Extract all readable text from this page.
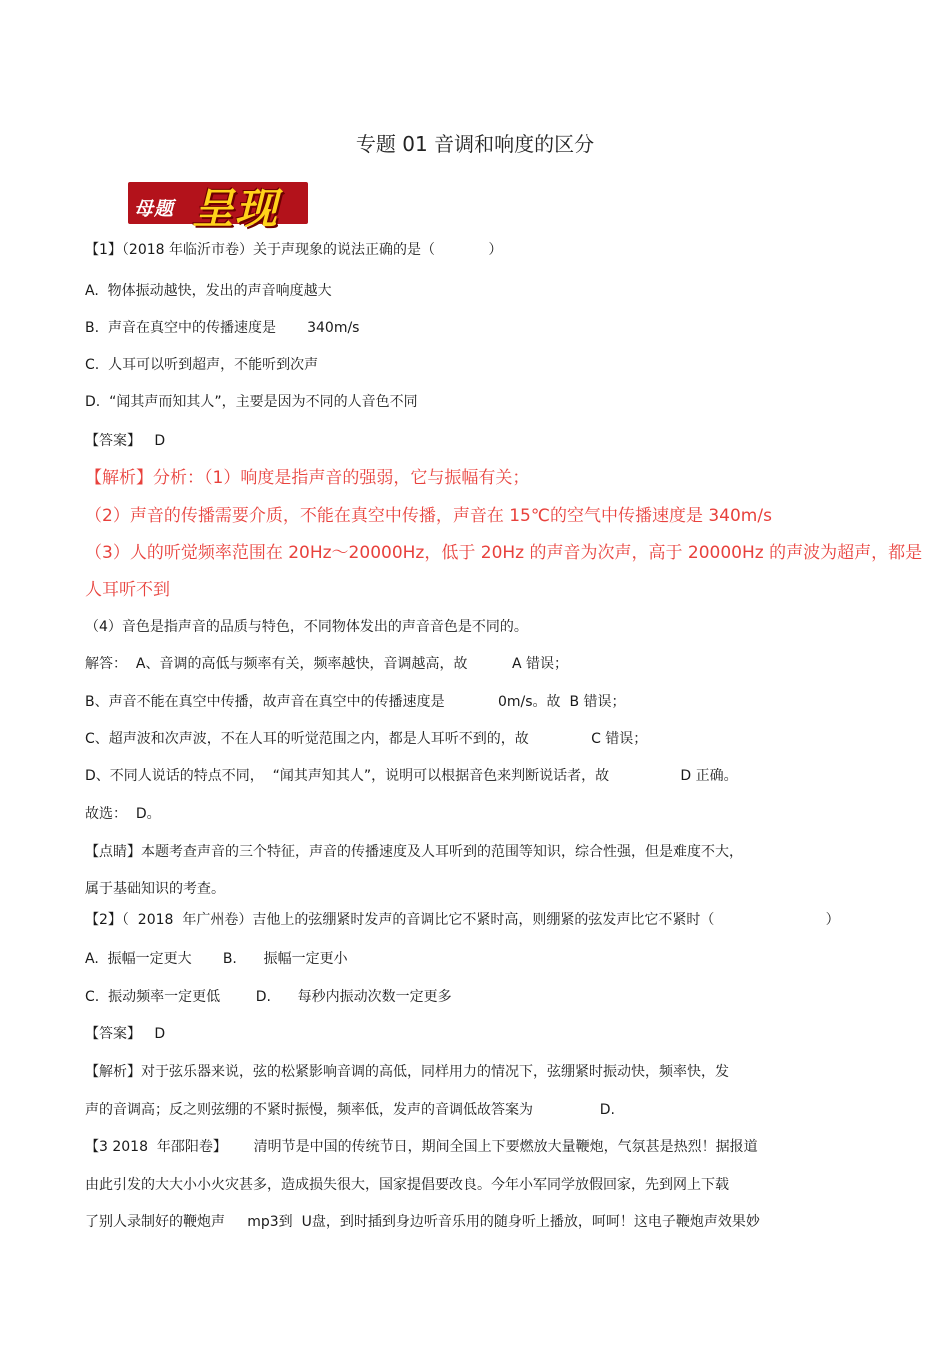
专题 01 音调和响度的区分
母题 呈现
【1】（2018 年临沂市卷）关于声现象的说法正确的是（            ）
A.  物体振动越快，发出的声音响度越大
B.  声音在真空中的传播速度是       340m/s
C.  人耳可以听到超声，不能听到次声
D.  “闻其声而知其人”，主要是因为不同的人音色不同
【答案】   D
（4）音色是指声音的品质与特色，不同物体发出的声音音色是不同的。
解答：  A、音调的高低与频率有关，频率越快，音调越高，故          A 错误；
B、声音不能在真空中传播，故声音在真空中的传播速度是            0m/s。故  B 错误；
C、超声波和次声波，不在人耳的听觉范围之内，都是人耳听不到的，故              C 错误；
D、不同人说话的特点不同，  “闻其声知其人”，说明可以根据音色来判断说话者，故                D 正确。
故选：  D。
【点睛】本题考查声音的三个特征，声音的传播速度及人耳听到的范围等知识，综合性强，但是难度不大，
属于基础知识的考查。
【2】（  2018  年广州卷）吉他上的弦绷紧时发声的音调比它不紧时高，则绷紧的弦发声比它不紧时（                         ）
A.  振幅一定更大       B.      振幅一定更小
C.  振动频率一定更低        D.      每秒内振动次数一定更多
【答案】   D
【解析】对于弦乐器来说，弦的松紧影响音调的高低，同样用力的情况下，弦绷紧时振动快，频率快，发
声的音调高；反之则弦绷的不紧时振慢，频率低，发声的音调低故答案为               D.
【3 2018  年邵阳卷】      清明节是中国的传统节日，期间全国上下要燃放大量鞭炮，气氛甚是热烈！据报道
由此引发的大大小小火灾甚多，造成损失很大，国家提倡要改良。今年小军同学放假回家，先到网上下载
了别人录制好的鞭炮声     mp3到  U盘，到时插到身边听音乐用的随身听上播放，呵呵！这电子鞭炮声效果妙
【解析】分析：（1）响度是指声音的强弱，它与振幅有关；
（2）声音的传播需要介质，不能在真空中传播，声音在 15℃的空气中传播速度是 340m/s
（3）人的听觉频率范围在 20Hz～20000Hz，低于 20Hz 的声音为次声，高于 20000Hz 的声波为超声，都是
人耳听不到
